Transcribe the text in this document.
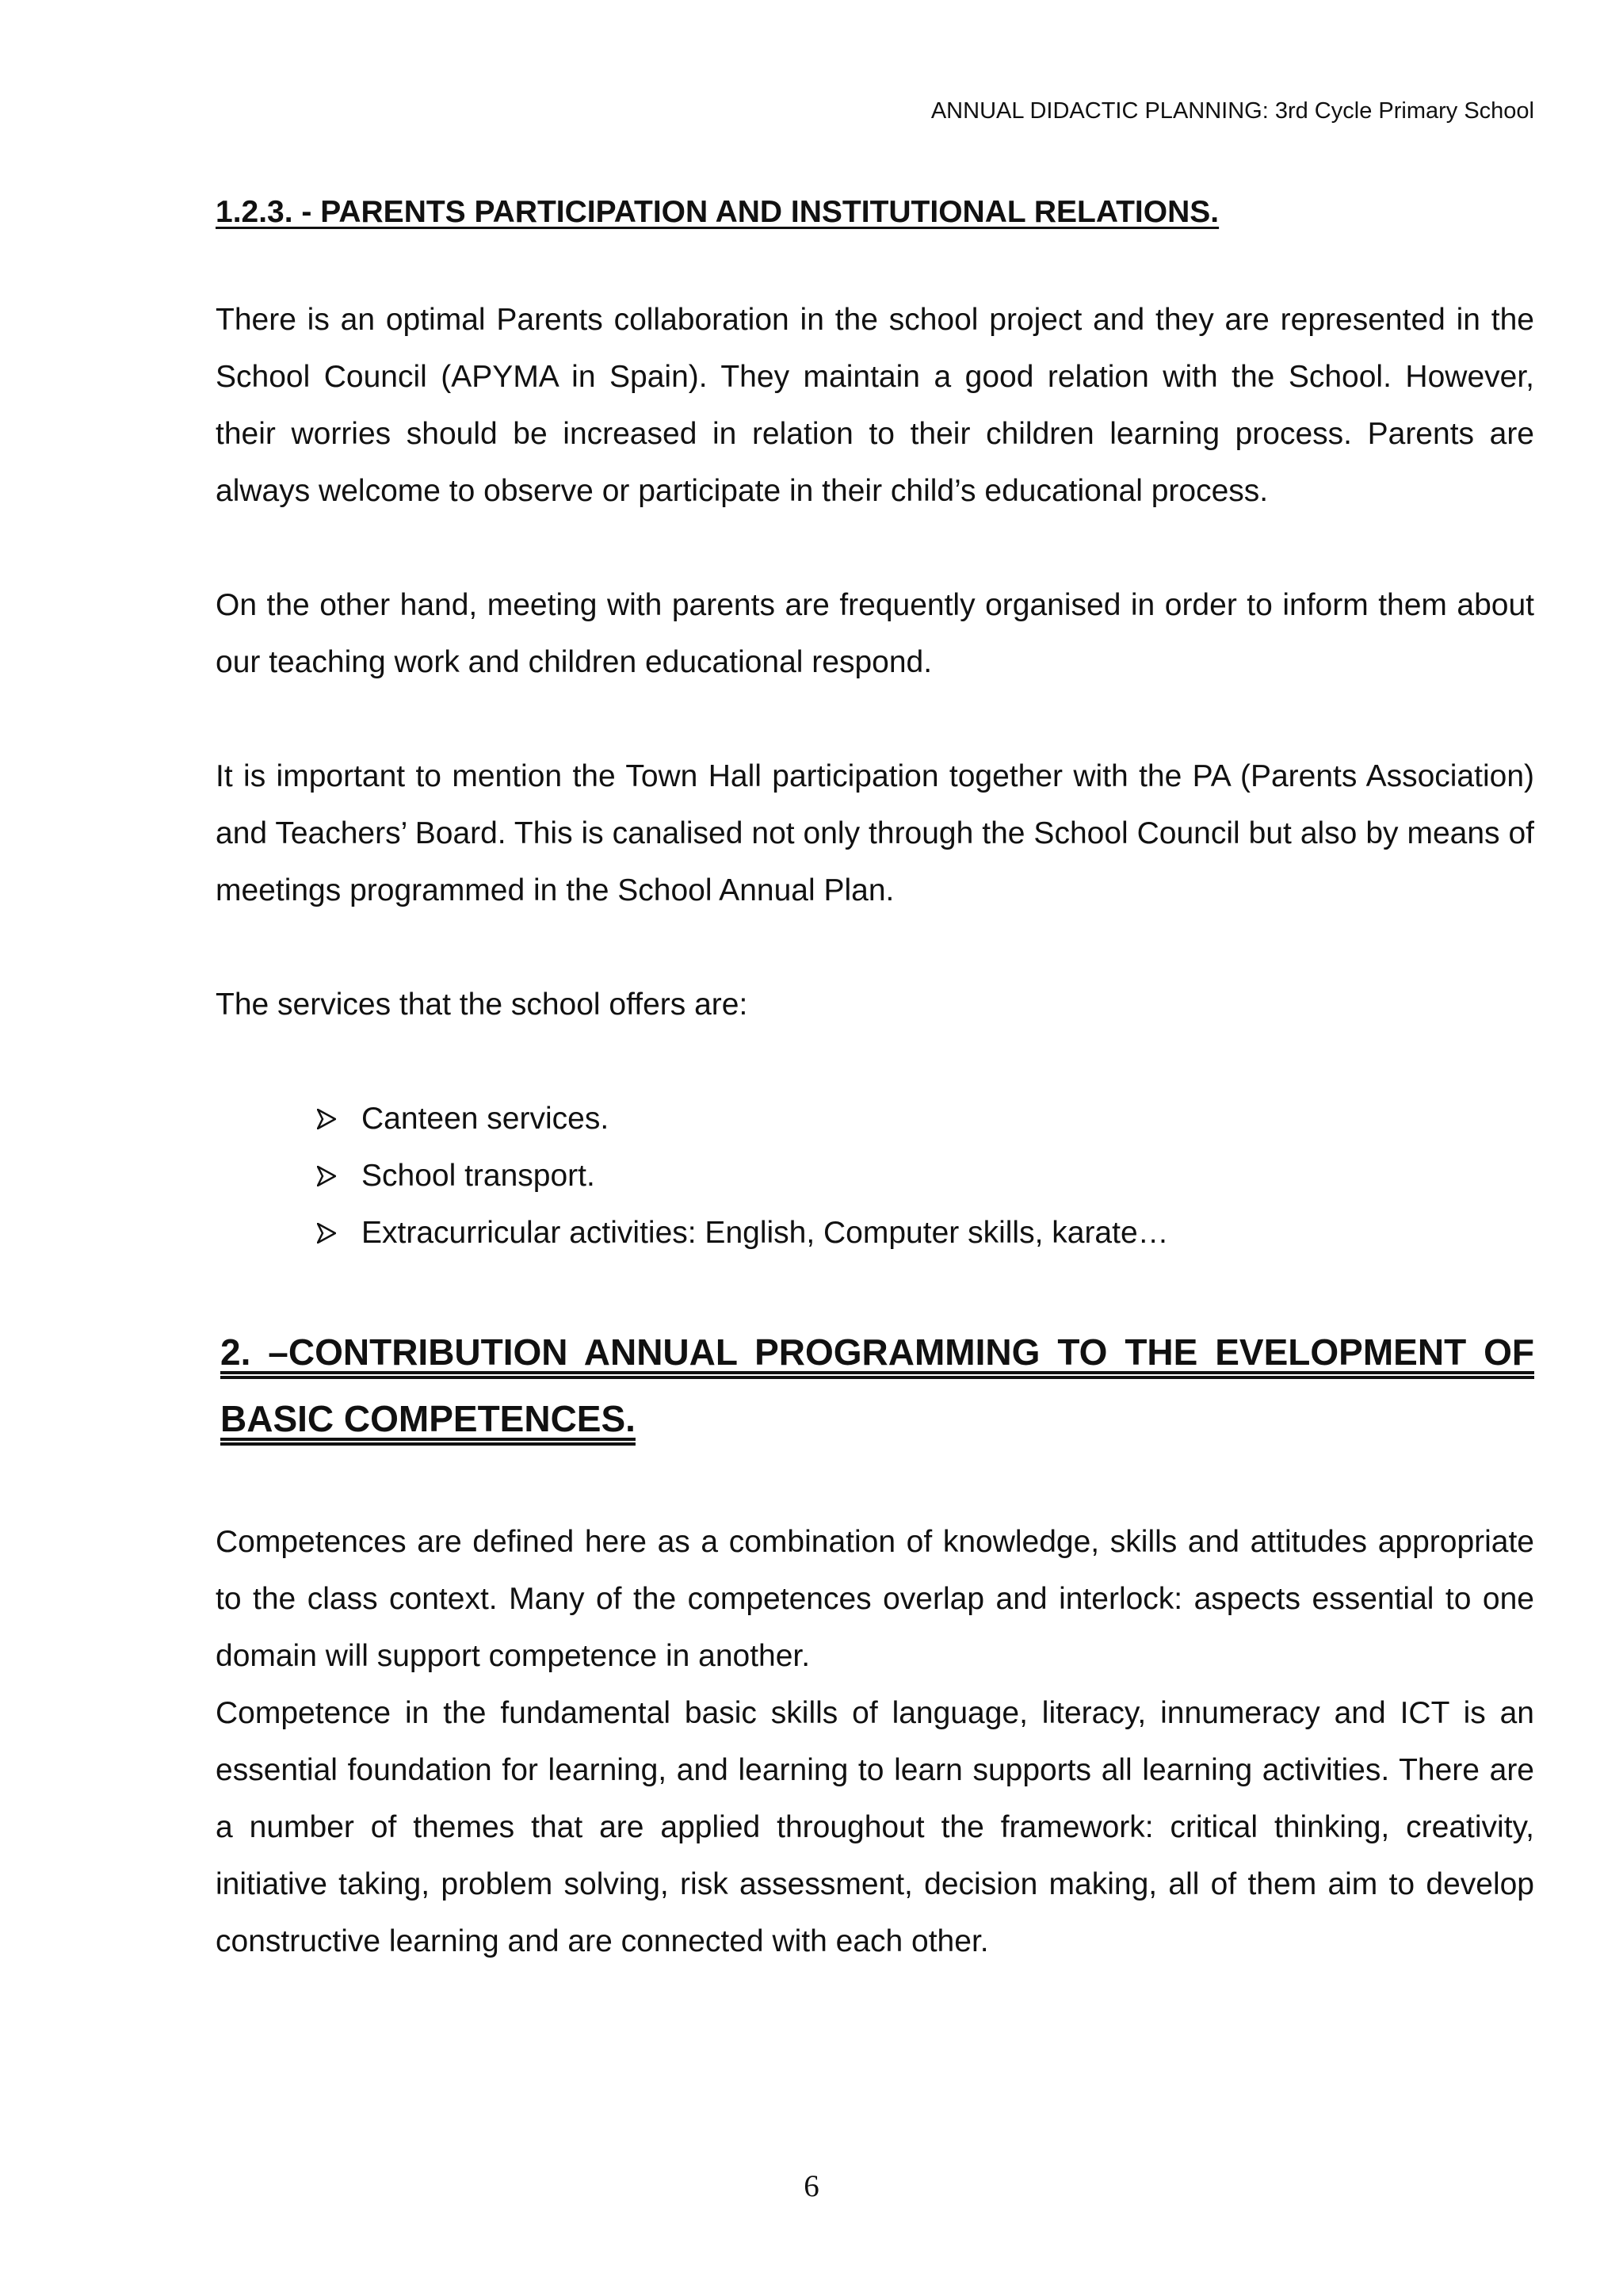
ANNUAL DIDACTIC PLANNING: 3rd Cycle Primary School
1.2.3. - PARENTS PARTICIPATION AND INSTITUTIONAL RELATIONS.

There is an optimal Parents collaboration in the school project and they are represented in the School Council (APYMA in Spain). They maintain a good relation with the School. However, their worries should be increased in relation to their children learning process. Parents are always welcome to observe or participate in their child’s educational process.

On the other hand, meeting with parents are frequently organised in order to inform them about our teaching work and children educational respond.

It is important to mention the Town Hall participation together with the PA (Parents Association) and Teachers’ Board. This is canalised not only through the School Council but also by means of meetings programmed in the School Annual Plan.

The services that the school offers are:

Canteen services.
School transport.
Extracurricular activities: English, Computer skills, karate…
2. –CONTRIBUTION ANNUAL PROGRAMMING TO THE EVELOPMENT OF BASIC COMPETENCES.

Competences are defined here as a combination of knowledge, skills and attitudes appropriate to the class context. Many of the competences overlap and interlock: aspects essential to one domain will support competence in another.

Competence in the fundamental basic skills of language, literacy, innumeracy and ICT is an essential foundation for learning, and learning to learn supports all learning activities. There are a number of themes that are applied throughout the framework: critical thinking, creativity, initiative taking, problem solving, risk assessment, decision making, all of them aim to develop constructive learning and are connected with each other.

6
